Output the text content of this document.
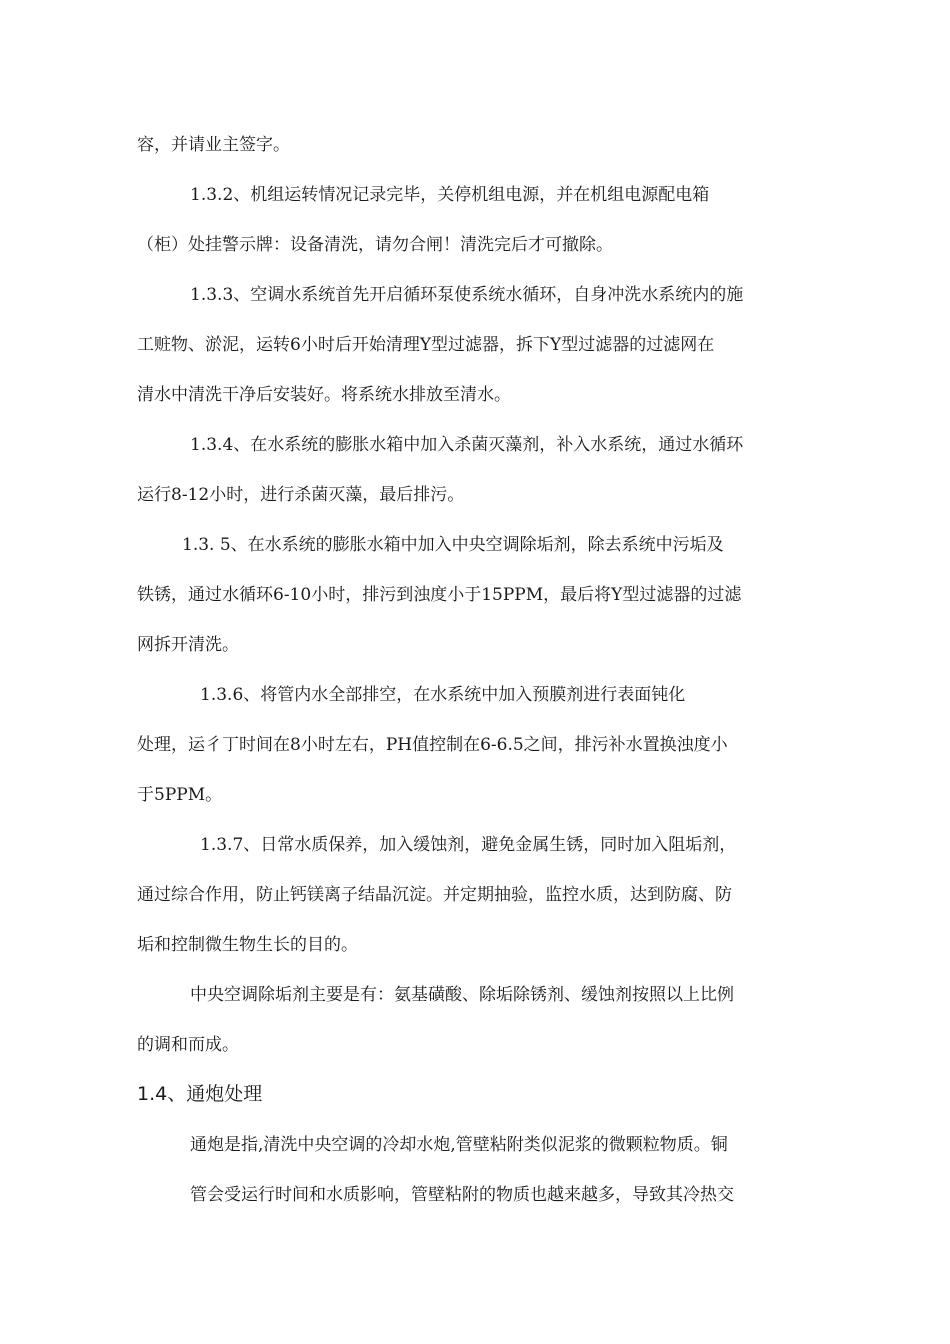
容，并请业主签字。
1.3.2、机组运转情况记录完毕，关停机组电源，并在机组电源配电箱
（柜）处挂警示牌：设备清洗，请勿合闸！清洗完后才可撤除。
1.3.3、空调水系统首先开启循环泵使系统水循环，自身冲洗水系统内的施
工赃物、淤泥，运转6小时后开始清理Y型过滤器，拆下Y型过滤器的过滤网在
清水中清洗干净后安装好。将系统水排放至清水。
1.3.4、在水系统的膨胀水箱中加入杀菌灭藻剂，补入水系统，通过水循环
运行8-12小时，进行杀菌灭藻，最后排污。
1.3. 5、在水系统的膨胀水箱中加入中央空调除垢剂，除去系统中污垢及
铁锈，通过水循环6-10小时，排污到浊度小于15PPM，最后将Y型过滤器的过滤
网拆开清洗。
1.3.6、将管内水全部排空，在水系统中加入预膜剂进行表面钝化
处理，运彳丁时间在8小时左右，PH值控制在6-6.5之间，排污补水置换浊度小
于5PPM。
1.3.7、日常水质保养，加入缓蚀剂，避免金属生锈，同时加入阻垢剂，
通过综合作用，防止钙镁离子结晶沉淀。并定期抽验，监控水质，达到防腐、防
垢和控制微生物生长的目的。
中央空调除垢剂主要是有：氨基磺酸、除垢除锈剂、缓蚀剂按照以上比例
的调和而成。
1.4、通炮处理
通炮是指,清洗中央空调的冷却水炮,管壁粘附类似泥浆的微颗粒物质。铜
管会受运行时间和水质影响，管壁粘附的物质也越来越多，导致其冷热交
